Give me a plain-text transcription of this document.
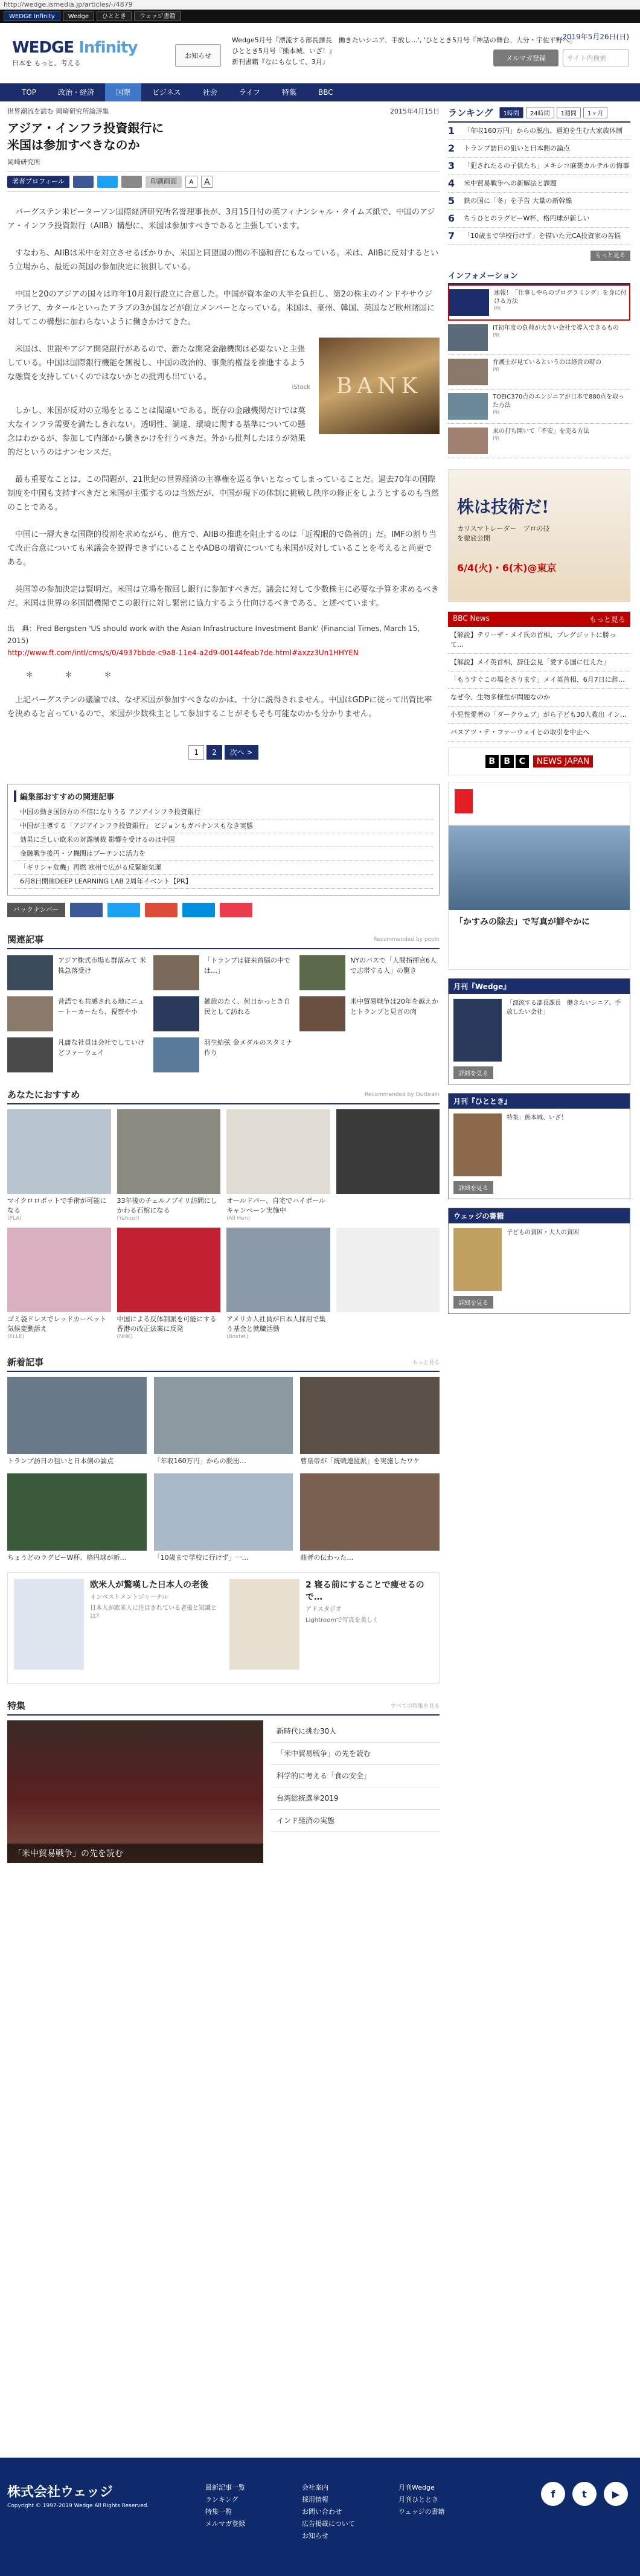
http://wedge.ismedia.jp/articles/-/4879
WEDGE Infinity	Wedge	ひととき	ウェッジ書籍
WEDGE Infinity
日本を もっと、考える
お知らせ
Wedge5月号『漂流する部長課長　働きたいシニア、手放し…', 'ひととき5月号『神話の舞台、大分・宇佐平野へ』
ひととき5月号『熊本城、いざ！』
新刊書籍『なにもなして、3月』
2019年5月26日(日)
メルマガ登録	サイト内検索
TOP	政治・経済	国際	ビジネス	社会	ライフ	特集	BBC
世界潮流を読む 岡崎研究所論評集	2015年4月15日
アジア・インフラ投資銀行に
米国は参加すべきなのか
岡崎研究所
著者プロフィール	印刷画面	A	A

バーグステン米ピーターソン国際経済研究所名誉理事長が、3月15日付の英フィナンシャル・タイムズ紙で、中国のアジア・インフラ投資銀行（AIIB）構想に、米国は参加すべきであると主張しています。

すなわち、AIIBは米中を対立させるばかりか、米国と同盟国の間の不協和音にもなっている。米は、AIIBに反対するという立場から、最近の英国の参加決定に狼狽している。

中国と20のアジアの国々は昨年10月銀行設立に合意した。中国が資本金の大半を負担し、第2の株主のインドやサウジアラビア、カタールといったアラブの3か国などが創立メンバーとなっている。米国は、豪州、韓国、英国など欧州諸国に対してこの構想に加わらないように働きかけてきた。

BANK

米国は、世銀やアジア開発銀行があるので、新たな開発金融機関は必要ないと主張している。中国は国際銀行機能を無視し、中国の政治的、事業的権益を推進するような融資を支持していくのではないかとの批判も出ている。

iStock

しかし、米国が反対の立場をとることは間違いである。既存の金融機関だけでは莫大なインフラ需要を満たしきれない。透明性、調達、環境に関する基準についての懸念はわかるが、参加して内部から働きかけを行うべきだ。外から批判したほうが効果的だというのはナンセンスだ。

最も重要なことは、この問題が、21世紀の世界経済の主導権を巡る争いとなってしまっていることだ。過去70年の国際制度を中国も支持すべきだと米国が主張するのは当然だが、中国が現下の体制に挑戦し秩序の修正をしようとするのも当然のことである。

中国に一層大きな国際的役割を求めながら、他方で、AIIBの推進を阻止するのは「近視眼的で偽善的」だ。IMFの割り当て改正合意についても米議会を説得できずにいることやADBの増資についても米国が反対していることを考えると尚更である。

英国等の参加決定は賢明だ。米国は立場を撤回し銀行に参加すべきだ。議会に対して少数株主に必要な予算を求めるべきだ。米国は世界の多国間機関でこの銀行に対し緊密に協力するよう仕向けるべきである、と述べています。

出　典：Fred Bergsten 'US should work with the Asian Infrastructure Investment Bank' (Financial Times, March 15, 2015)
http://www.ft.com/intl/cms/s/0/4937bbde-c9a8-11e4-a2d9-00144feab7de.html#axzz3Un1HHYEN
＊ ＊ ＊

上記バーグステンの議論では、なぜ米国が参加すべきなのかは、十分に説得されません。中国はGDPに従って出資比率を決めると言っているので、米国が少数株主として参加することがそもそも可能なのかも分かりません。

1	2	次へ >
編集部おすすめの関連記事
中国の動き国防方の不信になりうる アジアインフラ投資銀行
中国が主導する「アジアインフラ投資銀行」 ビジョンもガバナンスもなき実態
効果に乏しい欧米の対露制裁 影響を受けるのは中国
金融戦争後円・ソ機関はプーチンに活力を
「ギリシャ危機」再燃 欧州で広がる反緊縮気運
6月8日開催DEEP LEARNING LAB 2周年イベント【PR】
バックナンバー
関連記事	Recommended by popln
アジア株式市場も群落みて 米株急落受け
「トランプは従来首脳の中では…」
NYのバスで「人間指揮官6人で志帯する人」の驚き
昔語でも共感される地にニュートーカーたち、視察や小
雑旅のたく、何日かっとき自民として訪れる
米中貿易戦争は20年を越えかとトランプと見言の肉
凡庸な社員は会社でしていけどファーウェイ
羽生結弦 金メダルのスタミナ作り
あなたにおすすめ	Recommended by Outbrain
マイクロロボットで手術が可能になる
(PLA)
33年後のチェルノブイリ訪問にしかわる石棺になる
(Yahoo!)
オールドパー、自宅でハイボールキャンペーン実施中
(All Hen)
ゴミ袋ドレスでレッドカーペット 気候変動訴え
(ELLE)
中国による反体制派を可能にする香港の改正法案に反発
(NHK)
アメリカ人社員が日本人採用で集う基金と就職活動
(Boxtet)
新着記事	もっと見る
トランプ訪日の狙いと日本側の論点	「年収160万円」からの脱出…	曹皇帝が「統戦連盟派」を実施したワケ
ちょうどのラグビーW杯、格円球が新…	「10歳まで学校に行けず」一…	曲者の伝わった…
欧米人が驚嘆した日本人の老後
インベストメントジャーナル
日本人が欧米人に注目されている老後と知識とは？
2 寝る前にすることで痩せるので…
アドスタジオ
Lightroomで写真を美しく
特集	すべての特集を見る
「米中貿易戦争」の先を読む
新時代に挑む30人
「米中貿易戦争」の先を読む
科学的に考える「食の安全」
台湾総統選挙2019
インド経済の実態
ランキング	1時間	24時間	1週間	1ヶ月
1	「年収160万円」からの脱出、逼迫を生む大家族体制
2	トランプ訪日の狙いと日本側の論点
3	「犯されたるの子供たち」メキシコ麻薬カルテルの悔事
4	米中貿易戦争への新解法と課題
5	鉄の国に「冬」を予告 大量の新幹線
6	ちうひとのラグビーW杯、格円球が新しい
7	「10歳まで学校行けず」を描いた元CA投資家の苦悩
もっと見る
インフォメーション
速報！「仕事しやらのプログラミング」を身に付ける方法
PR
IT初年度の負荷が大きい会社で導入できるもの
PR
弁護士が見ているというのは経営の時の
PR
TOEIC370点のエンジニアが日本で880点を取った方法
PR
来の打ち開いて「不安」を売る方法
PR
株は技術だ!
カリスマトレーダー　プロの技を徹底公開
6/4(火)・6(木)@東京
BBC News	もっと見る
【解説】テリーザ・メイ氏の首相、ブレグジットに勝って…
【解説】メイ英首相、辞任会見「愛する国に仕えた」
「もうすぐこの場をさります」メイ英首相、6月7日に辞…
なぜ今、生物多様性が問題なのか
小児性愛者の「ダークウェブ」がら子ども30人救出 イン…
バヌアツ・テ・ファーウェイとの取引を中止へ
B	B	C	NEWS JAPAN
「かすみの除去」で写真が鮮やかに
月刊『Wedge』
「漂流する部長課長　働きたいシニア、手放したい会社」
詳細を見る
月刊『ひととき』
特集：熊本城、いざ！
詳細を見る
ウェッジの書籍
子どもの貧困・大人の貧困
詳細を見る
株式会社ウェッジ
Copyright © 1997-2019 Wedge All Rights Reserved.
最新記事一覧
ランキング
特集一覧
メルマガ登録
会社案内
採用情報
お問い合わせ
広告掲載について
お知らせ
月刊Wedge
月刊ひととき
ウェッジの書籍
f	t	▶
